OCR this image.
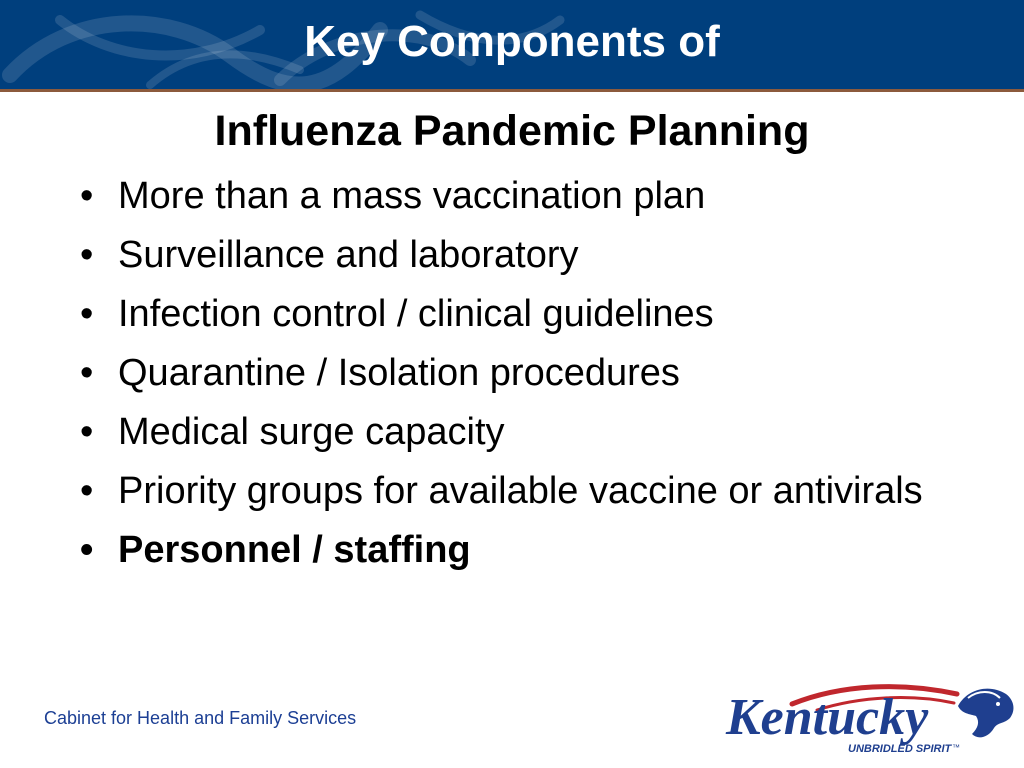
Key Components of
Influenza Pandemic Planning
• More than a mass vaccination plan
• Surveillance and laboratory
• Infection control / clinical guidelines
• Quarantine / Isolation procedures
• Medical surge capacity
• Priority groups for available vaccine or antivirals
• Personnel / staffing
Cabinet for Health and Family Services	Kentucky
UNBRIDLED SPIRIT ™
